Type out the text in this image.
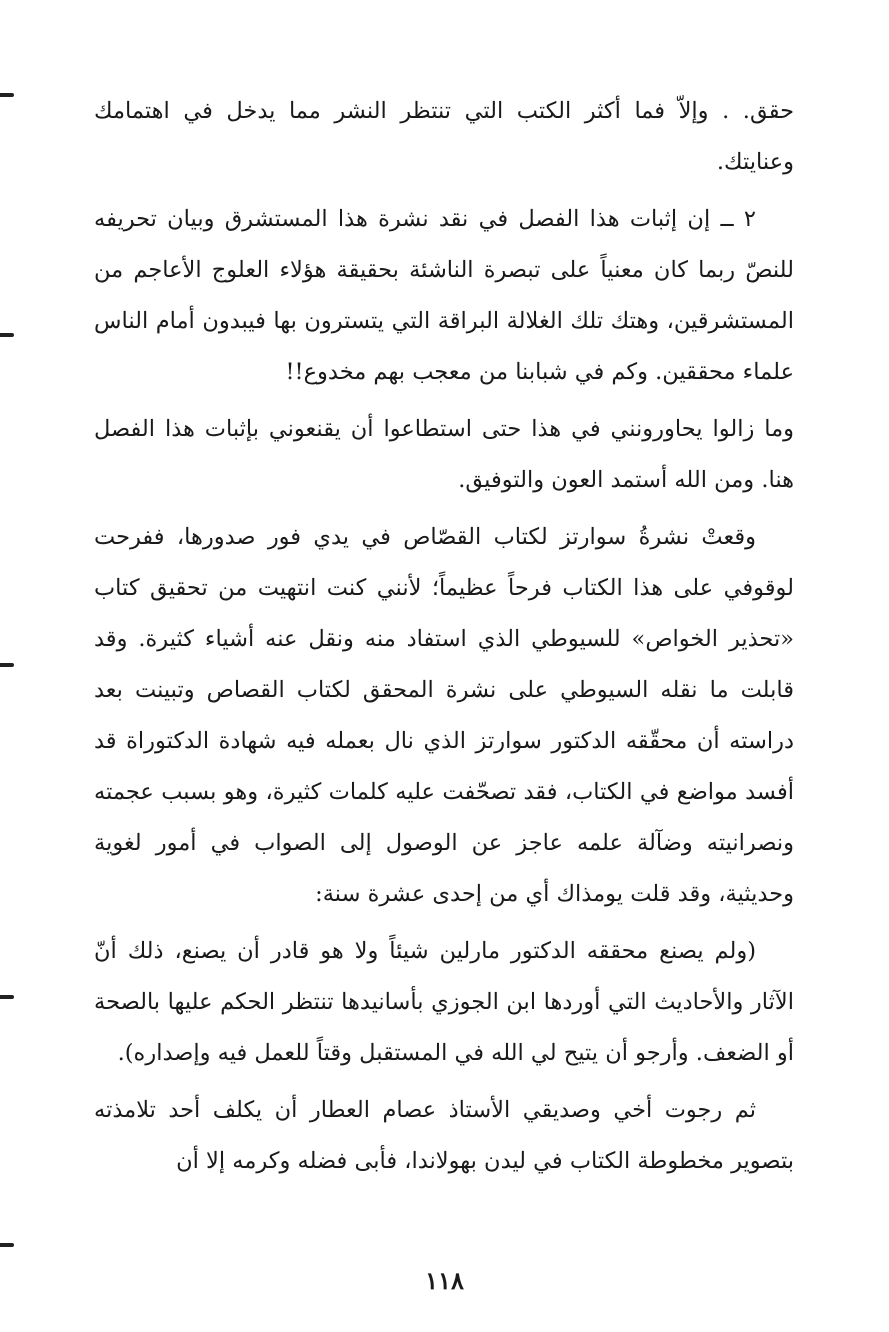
حقق. . وإلاّ فما أكثر الكتب التي تنتظر النشر مما يدخل في اهتمامك وعنايتك.

٢ ــ إن إثبات هذا الفصل في نقد نشرة هذا المستشرق وبيان تحريفه للنصّ ربما كان معنياً على تبصرة الناشئة بحقيقة هؤلاء العلوج الأعاجم من المستشرقين، وهتك تلك الغلالة البراقة التي يتسترون بها فيبدون أمام الناس علماء محققين. وكم في شبابنا من معجب بهم مخدوع!!

وما زالوا يحاورونني في هذا حتى استطاعوا أن يقنعوني بإثبات هذا الفصل هنا. ومن الله أستمد العون والتوفيق.

وقعتْ نشرةُ سوارتز لكتاب القصّاص في يدي فور صدورها، ففرحت لوقوفي على هذا الكتاب فرحاً عظيماً؛ لأنني كنت انتهيت من تحقيق كتاب «تحذير الخواص» للسيوطي الذي استفاد منه ونقل عنه أشياء كثيرة. وقد قابلت ما نقله السيوطي على نشرة المحقق لكتاب القصاص وتبينت بعد دراسته أن محقّقه الدكتور سوارتز الذي نال بعمله فيه شهادة الدكتوراة قد أفسد مواضع في الكتاب، فقد تصحّفت عليه كلمات كثيرة، وهو بسبب عجمته ونصرانيته وضآلة علمه عاجز عن الوصول إلى الصواب في أمور لغوية وحديثية، وقد قلت يومذاك أي من إحدى عشرة سنة:

(ولم يصنع محققه الدكتور مارلين شيئاً ولا هو قادر أن يصنع، ذلك أنّ الآثار والأحاديث التي أوردها ابن الجوزي بأسانيدها تنتظر الحكم عليها بالصحة أو الضعف. وأرجو أن يتيح لي الله في المستقبل وقتاً للعمل فيه وإصداره).

ثم رجوت أخي وصديقي الأستاذ عصام العطار أن يكلف أحد تلامذته بتصوير مخطوطة الكتاب في ليدن بهولاندا، فأبى فضله وكرمه إلا أن

١١٨
